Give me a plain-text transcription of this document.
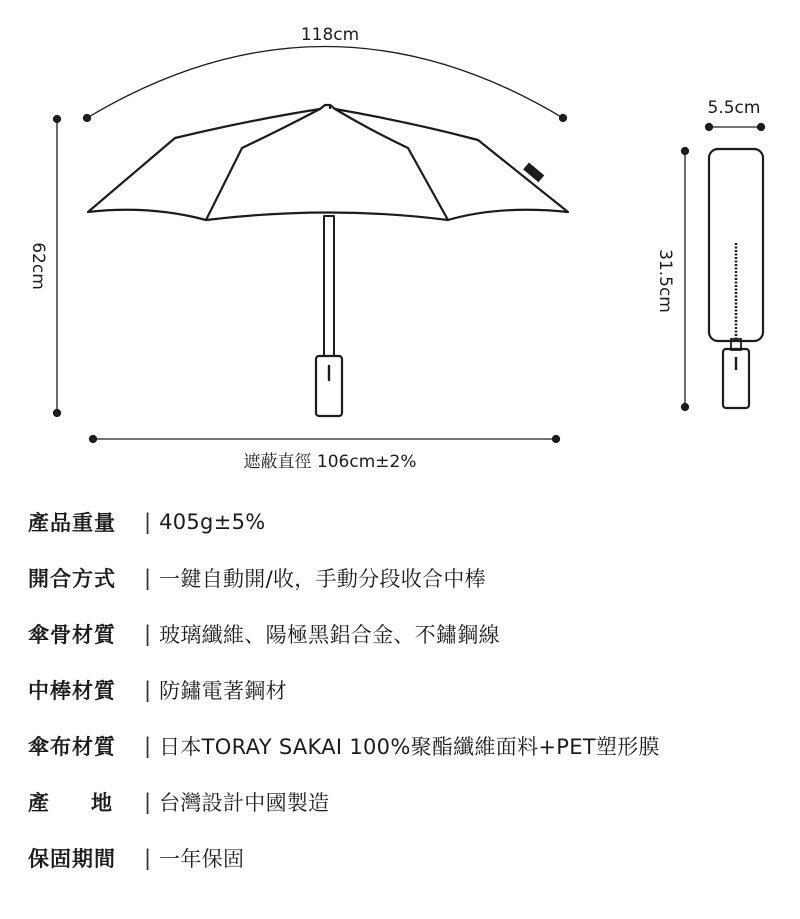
118cm
62cm
遮蔽直徑 106cm±2%
5.5cm
31.5cm
產品重量	| 405g±5%
開合方式	| 一鍵自動開/收，手動分段收合中棒
傘骨材質	| 玻璃纖維、陽極黑鋁合金、不鏽鋼線
中棒材質	| 防鏽電著鋼材
傘布材質	| 日本TORAY SAKAI 100%聚酯纖維面料+PET塑形膜
產　　地	| 台灣設計中國製造
保固期間	| 一年保固
